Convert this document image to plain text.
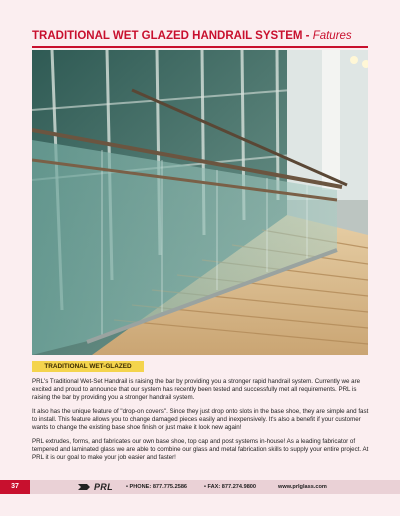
TRADITIONAL WET GLAZED HANDRAIL SYSTEM - Fatures
TRADITIONAL WET-GLAZED

PRL's Traditional Wet-Set Handrail is raising the bar by providing you a stronger rapid handrail system. Currently we are excited and proud to announce that our system has recently been tested and successfully met all requirements. PRL is raising the bar by providing you a stronger handrail system.

It also has the unique feature of "drop-on covers". Since they just drop onto slots in the base shoe, they are simple and fast to install. This feature allows you to change damaged pieces easily and inexpensively. It's also a benefit if your customer wants to change the existing base shoe finish or just make it look new again!

PRL extrudes, forms, and fabricates our own base shoe, top cap and post systems in-house! As a leading fabricator of tempered and laminated glass we are able to combine our glass and metal fabrication skills to supply your entire project. At PRL it is our goal to make your job easier and faster!

37	PRL • PHONE: 877.775.2586	• FAX: 877.274.9800	www.prlglass.com
